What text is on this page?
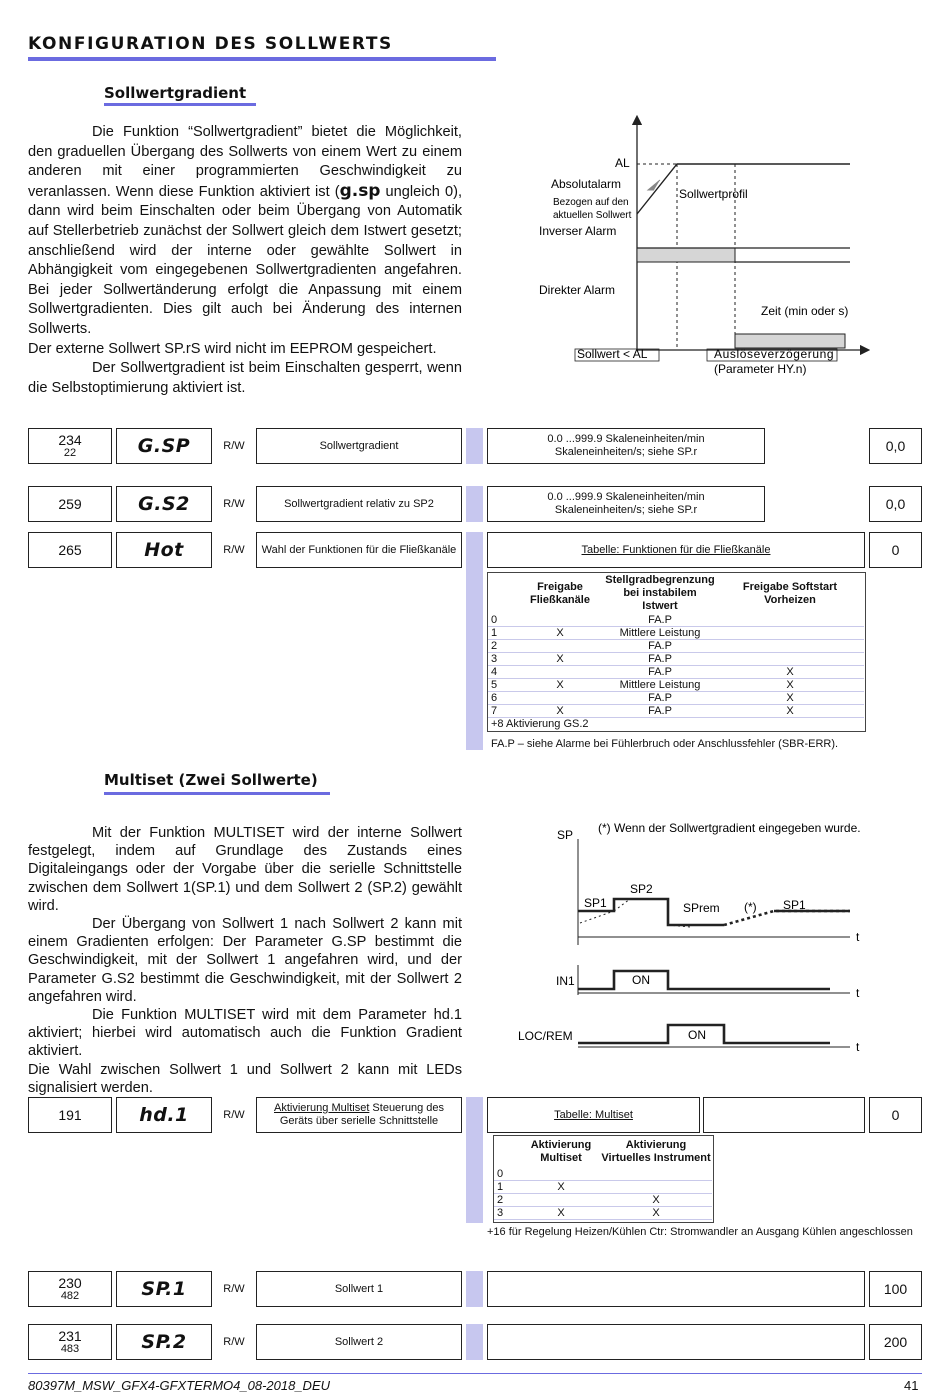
KONFIGURATION DES SOLLWERTS
Sollwertgradient

Die Funktion “Sollwertgradient” bietet die Möglichkeit, den graduellen Übergang des Sollwerts von einem Wert zu einem anderen mit einer programmierten Geschwindigkeit zu veranlassen. Wenn diese Funktion aktiviert ist (g.sp ungleich 0), dann wird beim Einschalten oder beim Übergang von Automatik auf Stellerbetrieb zunächst der Sollwert gleich dem Istwert gesetzt; anschließend wird der interne oder gewählte Sollwert in Abhängigkeit vom eingegebenen Sollwertgradienten angefahren. Bei jeder Sollwertänderung erfolgt die Anpassung mit einem Sollwertgradienten. Dies gilt auch bei Änderung des internen Sollwerts.

Der externe Sollwert SP.rS wird nicht im EEPROM gespeichert.

Der Sollwertgradient ist beim Einschalten gesperrt, wenn die Selbstoptimierung aktiviert ist.

AL
Absolutalarm
Bezogen auf den
aktuellen Sollwert
Sollwertprofil
Inverser Alarm
Direkter Alarm
Zeit (min oder s)
Sollwert < AL	Auslöseverzögerung
(Parameter HY.n)
234
22	G.SP	R/W	Sollwertgradient
0.0 ...999.9 Skaleneinheiten/min Skaleneinheiten/s; siehe SP.r	0,0
259	G.S2	R/W	Sollwertgradient relativ zu SP2
0.0 ...999.9 Skaleneinheiten/min Skaleneinheiten/s; siehe SP.r	0,0
265	Hot	R/W	Wahl der Funktionen für die Fließkanäle	Tabelle: Funktionen für die Fließkanäle	0
	Freigabe Fließkanäle	Stellgradbegrenzung bei instabilem Istwert	Freigabe Softstart Vorheizen
0		FA.P	
1	X	Mittlere Leistung	
2		FA.P	
3	X	FA.P	
4		FA.P	X
5	X	Mittlere Leistung	X
6		FA.P	X
7	X	FA.P	X
+8 Aktivierung GS.2			
FA.P – siehe Alarme bei Fühlerbruch oder Anschlussfehler (SBR-ERR).
Multiset (Zwei Sollwerte)

Mit der Funktion MULTISET wird der interne Sollwert festgelegt, indem auf Grundlage des Zustands eines Digitaleingangs oder der Vorgabe über die serielle Schnittstelle zwischen dem Sollwert 1(SP.1) und dem Sollwert 2 (SP.2) gewählt wird.

Der Übergang von Sollwert 1 nach Sollwert 2 kann mit einem Gradienten erfolgen: Der Parameter G.SP bestimmt die Geschwindigkeit, mit der Sollwert 1 angefahren wird, und der Parameter G.S2 bestimmt die Geschwindigkeit, mit der Sollwert 2 angefahren wird.

Die Funktion MULTISET wird mit dem Parameter hd.1 aktiviert; hierbei wird automatisch auch die Funktion Gradient aktiviert.

Die Wahl zwischen Sollwert 1 und Sollwert 2 kann mit LEDs signalisiert werden.

SP (*) Wenn der Sollwertgradient eingegeben wurde.
t
SP1
SP2
SPrem (*) SP1
IN1	ON
t
LOC/REM	ON
t
191	hd.1	R/W
Aktivierung Multiset Steuerung des Geräts über serielle Schnittstelle
Tabelle: Multiset	0
	Aktivierung Multiset	Aktivierung Virtuelles Instrument
0		
1	X	
2		X
3	X	X
+16 für Regelung Heizen/Kühlen Ctr: Stromwandler an Ausgang Kühlen angeschlossen
230
482	SP.1	R/W	Sollwert 1	100
231
483	SP.2	R/W	Sollwert 2	200
80397M_MSW_GFX4-GFXTERMO4_08-2018_DEU	41
